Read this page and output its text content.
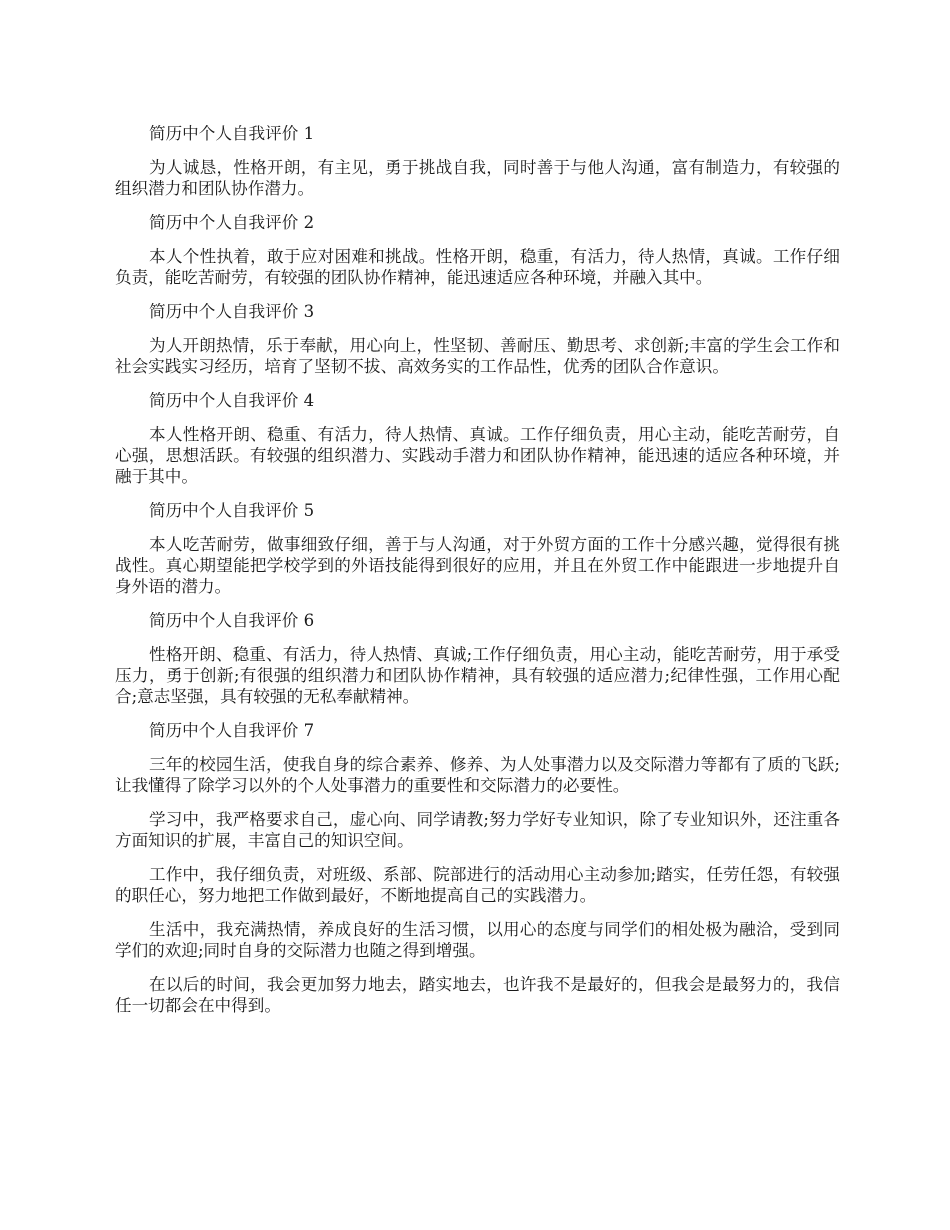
简历中个人自我评价 1
为人诚恳，性格开朗，有主见，勇于挑战自我，同时善于与他人沟通，富有制造力，有较强的组织潜力和团队协作潜力。
简历中个人自我评价 2
本人个性执着，敢于应对困难和挑战。性格开朗，稳重，有活力，待人热情，真诚。工作仔细负责，能吃苦耐劳，有较强的团队协作精神，能迅速适应各种环境，并融入其中。
简历中个人自我评价 3
为人开朗热情，乐于奉献，用心向上，性坚韧、善耐压、勤思考、求创新;丰富的学生会工作和社会实践实习经历，培育了坚韧不拔、高效务实的工作品性，优秀的团队合作意识。
简历中个人自我评价 4
本人性格开朗、稳重、有活力，待人热情、真诚。工作仔细负责，用心主动，能吃苦耐劳，自心强，思想活跃。有较强的组织潜力、实践动手潜力和团队协作精神，能迅速的适应各种环境，并融于其中。
简历中个人自我评价 5
本人吃苦耐劳，做事细致仔细，善于与人沟通，对于外贸方面的工作十分感兴趣，觉得很有挑战性。真心期望能把学校学到的外语技能得到很好的应用，并且在外贸工作中能跟进一步地提升自身外语的潜力。
简历中个人自我评价 6
性格开朗、稳重、有活力，待人热情、真诚;工作仔细负责，用心主动，能吃苦耐劳，用于承受压力，勇于创新;有很强的组织潜力和团队协作精神，具有较强的适应潜力;纪律性强，工作用心配合;意志坚强，具有较强的无私奉献精神。
简历中个人自我评价 7
三年的校园生活，使我自身的综合素养、修养、为人处事潜力以及交际潜力等都有了质的飞跃;让我懂得了除学习以外的个人处事潜力的重要性和交际潜力的必要性。
学习中，我严格要求自己，虚心向、同学请教;努力学好专业知识，除了专业知识外，还注重各方面知识的扩展，丰富自己的知识空间。
工作中，我仔细负责，对班级、系部、院部进行的活动用心主动参加;踏实，任劳任怨，有较强的职任心，努力地把工作做到最好，不断地提高自己的实践潜力。
生活中，我充满热情，养成良好的生活习惯，以用心的态度与同学们的相处极为融洽，受到同学们的欢迎;同时自身的交际潜力也随之得到增强。
在以后的时间，我会更加努力地去，踏实地去，也许我不是最好的，但我会是最努力的，我信任一切都会在中得到。
